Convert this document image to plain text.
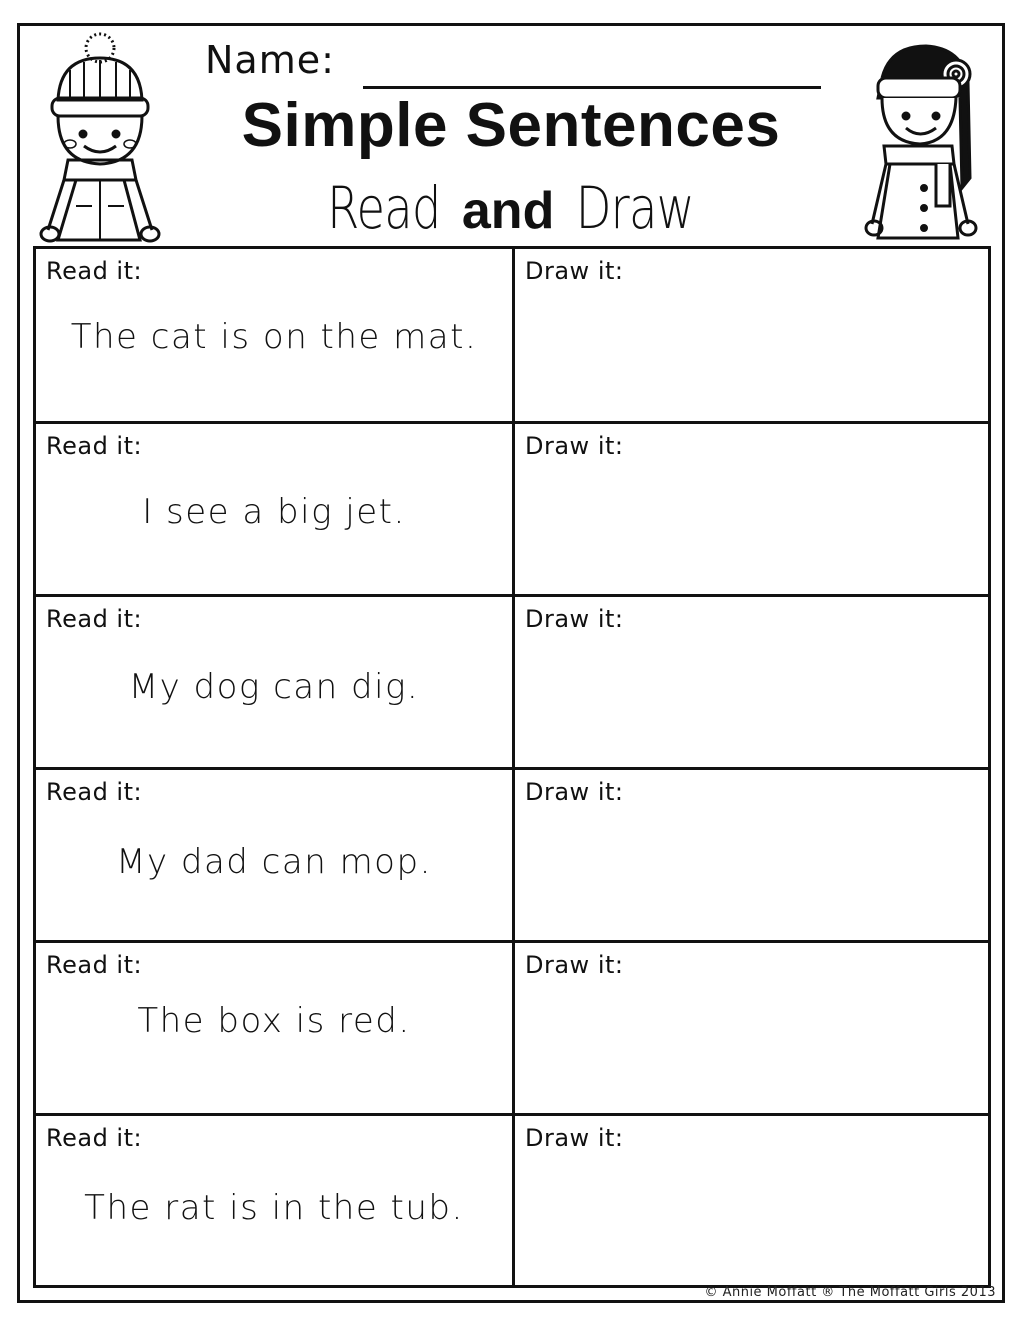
Name:
Simple Sentences
Read and Draw
Read it:
The cat is on the mat.
Draw it:
Read it:
I see a big jet.
Draw it:
Read it:
My dog can dig.
Draw it:
Read it:
My dad can mop.
Draw it:
Read it:
The box is red.
Draw it:
Read it:
The rat is in the tub.
Draw it:
© Annie Moffatt ® The Moffatt Girls 2013
